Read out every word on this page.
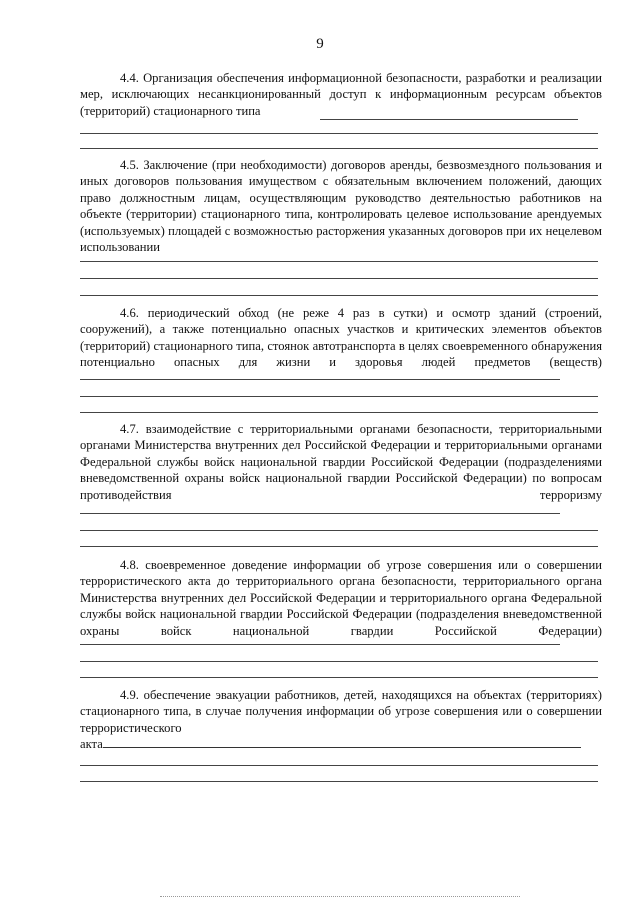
9

4.4. Организация обеспечения информационной безопасности, разработки и реализации мер, исключающих несанкционированный доступ к информационным ресурсам объектов (территорий) стационарного типа

4.5. Заключение (при необходимости) договоров аренды, безвозмездного пользования и иных договоров пользования имуществом с обязательным включением положений, дающих право должностным лицам, осуществляющим руководство деятельностью работников на объекте (территории) стационарного типа, контролировать целевое использование арендуемых (используемых) площадей с возможностью расторжения указанных договоров при их нецелевом использовании

4.6. периодический обход (не реже 4 раз в сутки) и осмотр зданий (строений, сооружений), а также потенциально опасных участков и критических элементов объектов (территорий) стационарного типа, стоянок автотранспорта в целях своевременного обнаружения потенциально опасных для жизни и здоровья людей предметов (веществ)

4.7. взаимодействие с территориальными органами безопасности, территориальными органами Министерства внутренних дел Российской Федерации и территориальными органами Федеральной службы войск национальной гвардии Российской Федерации (подразделениями вневедомственной охраны войск национальной гвардии Российской Федерации) по вопросам противодействия терроризму

4.8. своевременное доведение информации об угрозе совершения или о совершении террористического акта до территориального органа безопасности, территориального органа Министерства внутренних дел Российской Федерации и территориального органа Федеральной службы войск национальной гвардии Российской Федерации (подразделения вневедомственной охраны войск национальной гвардии Российской Федерации)

4.9. обеспечение эвакуации работников, детей, находящихся на объектах (территориях) стационарного типа, в случае получения информации об угрозе совершения или о совершении террористического

акта
